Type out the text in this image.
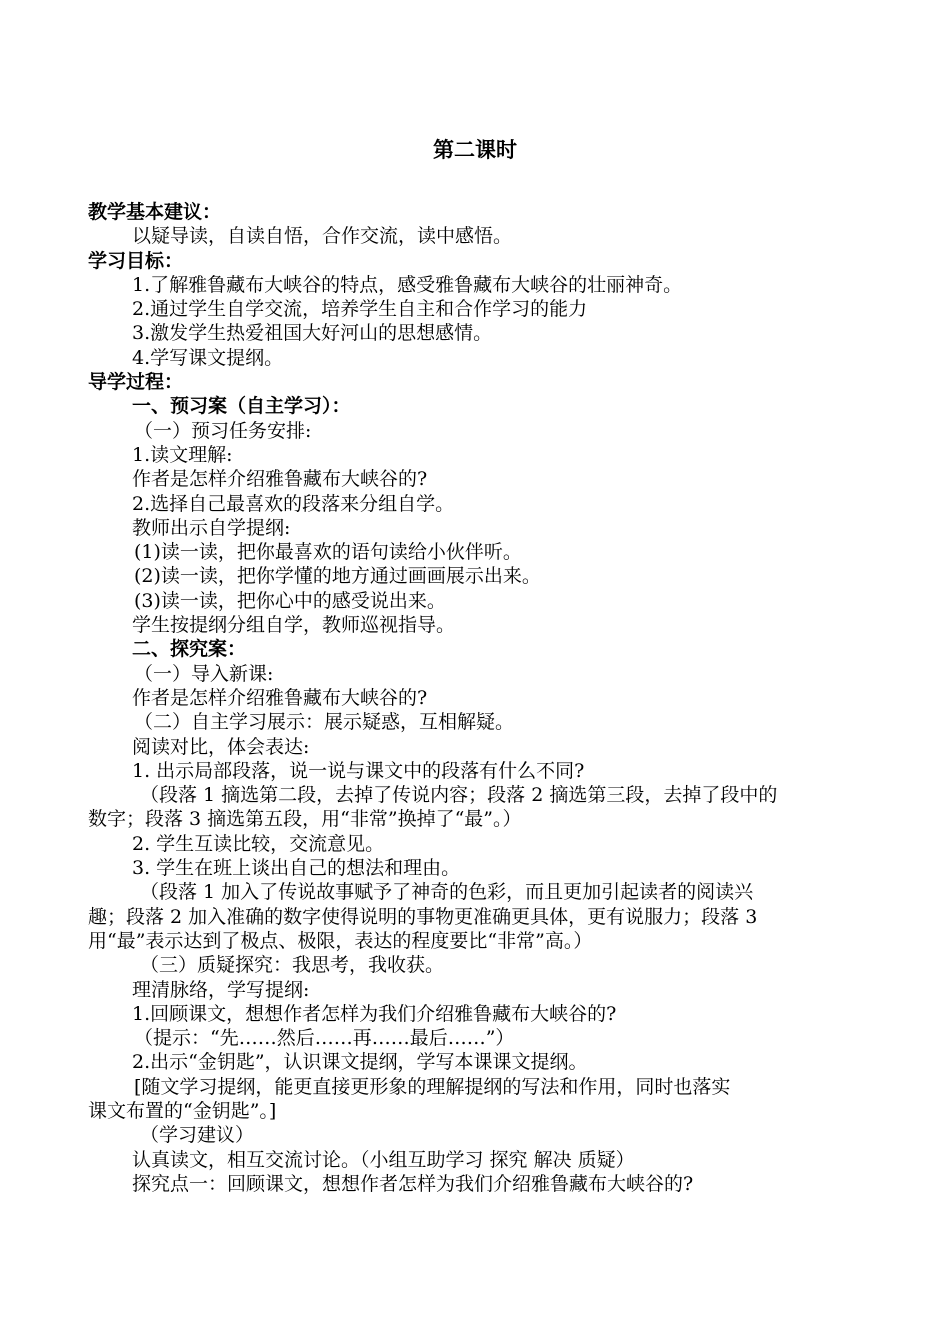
第二课时
教学基本建议：
以疑导读，自读自悟，合作交流，读中感悟。
学习目标：
1.了解雅鲁藏布大峡谷的特点，感受雅鲁藏布大峡谷的壮丽神奇。
2.通过学生自学交流，培养学生自主和合作学习的能力
3.激发学生热爱祖国大好河山的思想感情。
4.学写课文提纲。
导学过程：
一、预习案（自主学习）：
（一）预习任务安排:
1.读文理解:
作者是怎样介绍雅鲁藏布大峡谷的?
2.选择自己最喜欢的段落来分组自学。
教师出示自学提纲:
(1)读一读，把你最喜欢的语句读给小伙伴听。
(2)读一读，把你学懂的地方通过画画展示出来。
(3)读一读，把你心中的感受说出来。
学生按提纲分组自学，教师巡视指导。
二、探究案：
（一）导入新课:
作者是怎样介绍雅鲁藏布大峡谷的?
（二）自主学习展示：展示疑惑，互相解疑。
阅读对比，体会表达:
1. 出示局部段落，说一说与课文中的段落有什么不同?
（段落 1 摘选第二段，去掉了传说内容；段落 2 摘选第三段，去掉了段中的
数字；段落 3 摘选第五段，用“非常”换掉了“最”。）
2. 学生互读比较，交流意见。
3. 学生在班上谈出自己的想法和理由。
（段落 1 加入了传说故事赋予了神奇的色彩，而且更加引起读者的阅读兴
趣；段落 2 加入准确的数字使得说明的事物更准确更具体，更有说服力；段落 3
用“最”表示达到了极点、极限，表达的程度要比“非常”高。）
（三）质疑探究：我思考，我收获。
理清脉络，学写提纲:
1.回顾课文，想想作者怎样为我们介绍雅鲁藏布大峡谷的?
（提示：“先……然后……再……最后……”）
2.出示“金钥匙”，认识课文提纲，学写本课课文提纲。
[随文学习提纲，能更直接更形象的理解提纲的写法和作用，同时也落实
课文布置的“金钥匙”。]
（学习建议）
认真读文，相互交流讨论。（小组互助学习 探究 解决 质疑）
探究点一：回顾课文，想想作者怎样为我们介绍雅鲁藏布大峡谷的?
